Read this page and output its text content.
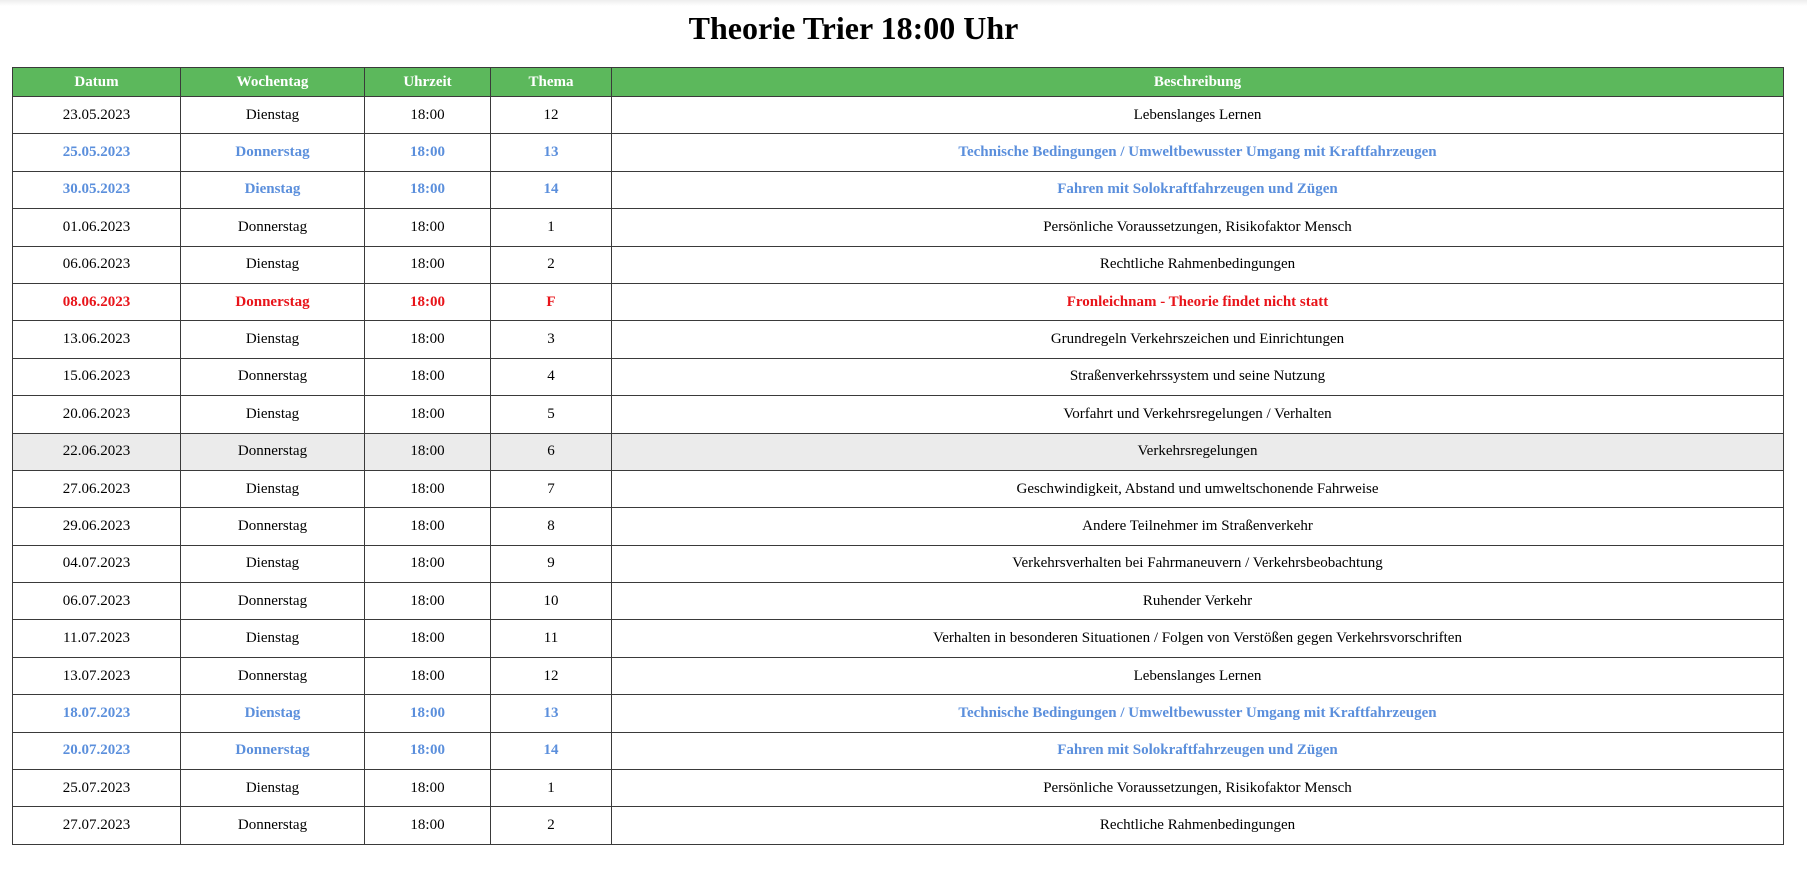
Theorie Trier 18:00 Uhr
Datum	Wochentag	Uhrzeit	Thema	Beschreibung
23.05.2023	Dienstag	18:00	12	Lebenslanges Lernen
25.05.2023	Donnerstag	18:00	13	Technische Bedingungen / Umweltbewusster Umgang mit Kraftfahrzeugen
30.05.2023	Dienstag	18:00	14	Fahren mit Solokraftfahrzeugen und Zügen
01.06.2023	Donnerstag	18:00	1	Persönliche Voraussetzungen, Risikofaktor Mensch
06.06.2023	Dienstag	18:00	2	Rechtliche Rahmenbedingungen
08.06.2023	Donnerstag	18:00	F	Fronleichnam - Theorie findet nicht statt
13.06.2023	Dienstag	18:00	3	Grundregeln Verkehrszeichen und Einrichtungen
15.06.2023	Donnerstag	18:00	4	Straßenverkehrssystem und seine Nutzung
20.06.2023	Dienstag	18:00	5	Vorfahrt und Verkehrsregelungen / Verhalten
22.06.2023	Donnerstag	18:00	6	Verkehrsregelungen
27.06.2023	Dienstag	18:00	7	Geschwindigkeit, Abstand und umweltschonende Fahrweise
29.06.2023	Donnerstag	18:00	8	Andere Teilnehmer im Straßenverkehr
04.07.2023	Dienstag	18:00	9	Verkehrsverhalten bei Fahrmaneuvern / Verkehrsbeobachtung
06.07.2023	Donnerstag	18:00	10	Ruhender Verkehr
11.07.2023	Dienstag	18:00	11	Verhalten in besonderen Situationen / Folgen von Verstößen gegen Verkehrsvorschriften
13.07.2023	Donnerstag	18:00	12	Lebenslanges Lernen
18.07.2023	Dienstag	18:00	13	Technische Bedingungen / Umweltbewusster Umgang mit Kraftfahrzeugen
20.07.2023	Donnerstag	18:00	14	Fahren mit Solokraftfahrzeugen und Zügen
25.07.2023	Dienstag	18:00	1	Persönliche Voraussetzungen, Risikofaktor Mensch
27.07.2023	Donnerstag	18:00	2	Rechtliche Rahmenbedingungen
